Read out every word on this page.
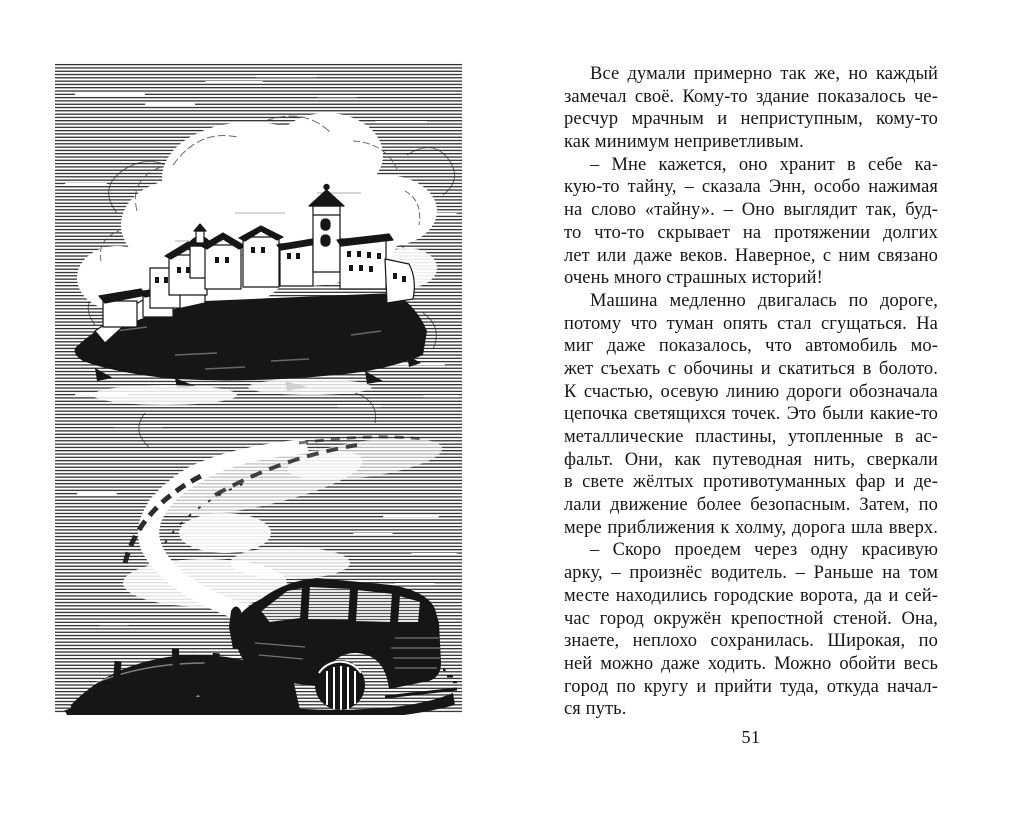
Все думали примерно так же, но каждый
замечал своё. Кому-то здание показалось че-
ресчур мрачным и неприступным, кому-то
как минимум неприветливым.
– Мне кажется, оно хранит в себе ка-
кую-то тайну, – сказала Энн, особо нажимая
на слово «тайну». – Оно выглядит так, буд-
то что-то скрывает на протяжении долгих
лет или даже веков. Наверное, с ним связано
очень много страшных историй!
Машина медленно двигалась по дороге,
потому что туман опять стал сгущаться. На
миг даже показалось, что автомобиль мо-
жет съехать с обочины и скатиться в болото.
К счастью, осевую линию дороги обозначала
цепочка светящихся точек. Это были какие-то
металлические пластины, утопленные в ас-
фальт. Они, как путеводная нить, сверкали
в свете жёлтых противотуманных фар и де-
лали движение более безопасным. Затем, по
мере приближения к холму, дорога шла вверх.
– Скоро проедем через одну красивую
арку, – произнёс водитель. – Раньше на том
месте находились городские ворота, да и сей-
час город окружён крепостной стеной. Она,
знаете, неплохо сохранилась. Широкая, по
ней можно даже ходить. Можно обойти весь
город по кругу и прийти туда, откуда начал-
ся путь.
51
